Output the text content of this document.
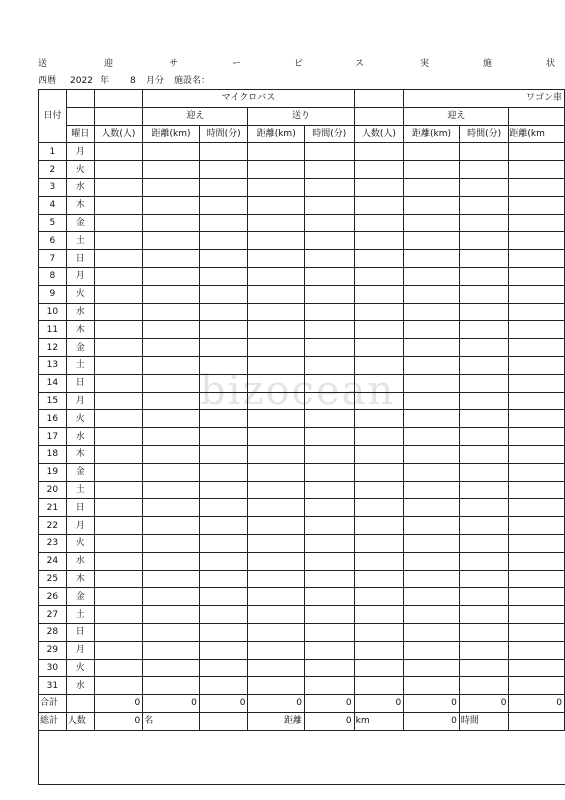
送	迎	サ	ー	ビ	ス	実	施	状
西暦 2022 年 8 月分 施設名：
bizocean
日付			マイクロバス					ワゴン車		
			迎え		送り			迎え		
	曜日	人数(人)	距離(km)	時間(分)	距離(km)	時間(分)	人数(人)	距離(km)	時間(分)	距離(km
1	月									
2	火									
3	水									
4	木									
5	金									
6	土									
7	日									
8	月									
9	火									
10	水									
11	木									
12	金									
13	土									
14	日									
15	月									
16	火									
17	水									
18	木									
19	金									
20	土									
21	日									
22	月									
23	火									
24	水									
25	木									
26	金									
27	土									
28	日									
29	月									
30	火									
31	水									
合計		0	0	0	0	0	0	0	0	0
総計	人数	0	名		距離	0	km	0	時間	
